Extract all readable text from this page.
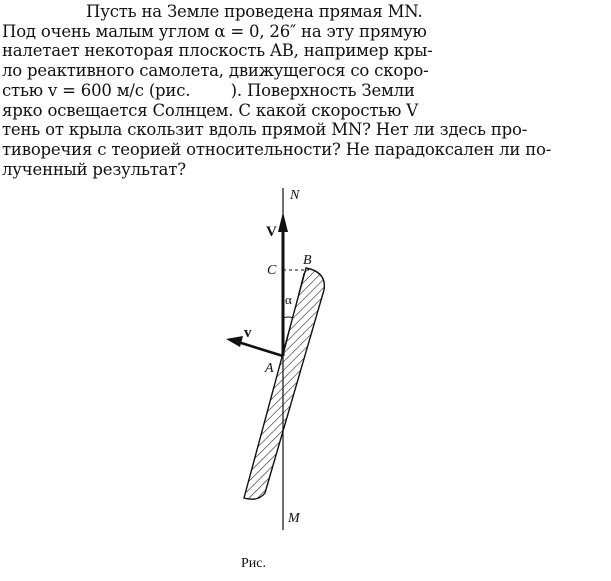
Пусть на Земле проведена прямая MN.
Под очень малым углом α = 0, 26″ на эту прямую
налетает некоторая плоскость AB, например кры-
ло реактивного самолета, движущегося со скоро-
стью v = 600 м/с (рис.        ). Поверхность Земли
ярко освещается Солнцем. С какой скоростью V
тень от крыла скользит вдоль прямой MN? Нет ли здесь про-
тиворечия с теорией относительности? Не парадоксален ли по-
лученный результат?
N
M
A
B
C
α
V
v
Рис.
